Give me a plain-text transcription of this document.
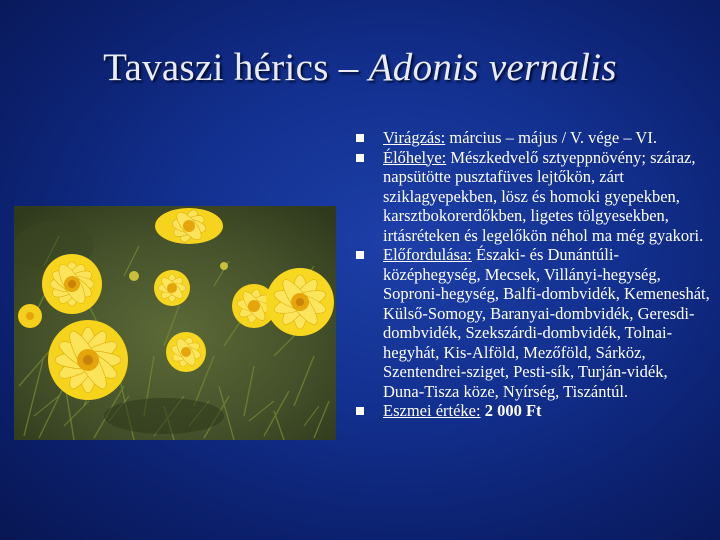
Tavaszi hérics – Adonis vernalis
Virágzás: március – május / V. vége – VI.
Élőhelye: Mészkedvelő sztyeppnövény; száraz, napsütötte pusztafüves lejtőkön, zárt sziklagyepekben, lösz és homoki gyepekben, karsztbokorerdőkben, ligetes tölgyesekben, irtásréteken és legelőkön néhol ma még gyakori.
Előfordulása: Északi- és Dunántúli-középhegység, Mecsek, Villányi-hegység, Soproni-hegység, Balfi-dombvidék, Kemeneshát, Külső-Somogy, Baranyai-dombvidék, Geresdi-dombvidék, Szekszárdi-dombvidék, Tolnai-hegyhát, Kis-Alföld, Mezőföld, Sárköz, Szentendrei-sziget, Pesti-sík, Turján-vidék, Duna-Tisza köze, Nyírség, Tiszántúl.
Eszmei értéke: 2 000 Ft
